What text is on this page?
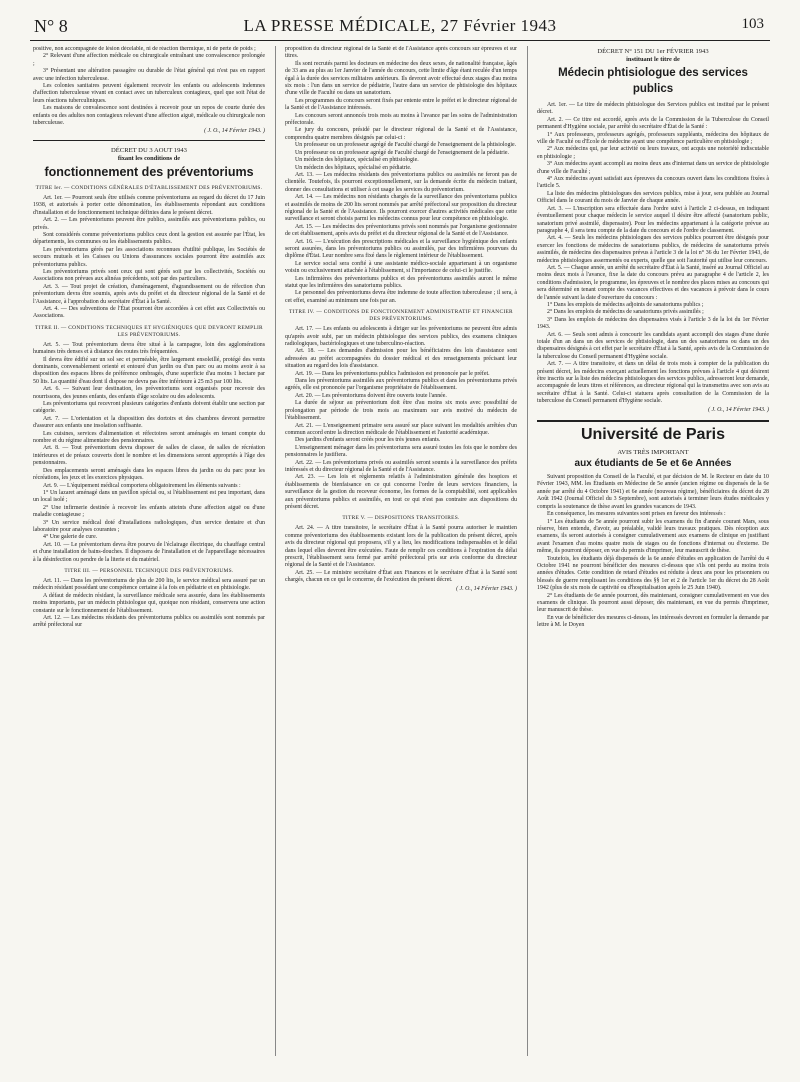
N° 8	LA PRESSE MÉDICALE, 27 Février 1943	103

positive, non accompagnée de lésion décelable, ni de réaction thermique, ni de perte de poids ;

2° Relevant d'une affection médicale ou chirurgicale entraînant une convalescence prolongée ;

3° Présentant une altération passagère ou durable de l'état général qui n'est pas en rapport avec une infection tuberculeuse.

Les colonies sanitaires peuvent également recevoir les enfants ou adolescents indemnes d'affection tuberculeuse vivant en contact avec un tuberculeux contagieux, quel que soit l'état de leurs réactions tuberculiniques.

Les maisons de convalescence sont destinées à recevoir pour un repos de courte durée des enfants ou des adultes non contagieux relevant d'une affection aiguë, médicale ou chirurgicale non tuberculeuse.

( J. O., 14 Février 1943. )

DÉCRET DU 3 AOUT 1943
fixant les conditions de
fonctionnement des préventoriums

TITRE Ier. — CONDITIONS GÉNÉRALES D'ÉTABLISSEMENT DES PRÉVENTORIUMS.

Art. 1er. — Pourront seuls être utilisés comme préventoriums au regard du décret du 17 Juin 1938, et autorisés à porter cette dénomination, les établissements répondant aux conditions d'installation et de fonctionnement technique définies dans le présent décret.

Art. 2. — Les préventoriums peuvent être publics, assimilés aux préventoriums publics, ou privés.

Sont considérés comme préventoriums publics ceux dont la gestion est assurée par l'État, les départements, les communes ou les établissements publics.

Les préventoriums gérés par les associations reconnues d'utilité publique, les Sociétés de secours mutuels et les Caisses ou Unions d'assurances sociales pourront être assimilés aux préventoriums publics.

Les préventoriums privés sont ceux qui sont gérés soit par les collectivités, Sociétés ou Associations non prévues aux alinéas précédents, soit par des particuliers.

Art. 3. — Tout projet de création, d'aménagement, d'agrandissement ou de réfection d'un préventorium devra être soumis, après avis du préfet et du directeur régional de la Santé et de l'Assistance, à l'approbation du secrétaire d'État à la Santé.

Art. 4. — Des subventions de l'État pourront être accordées à cet effet aux Collectivités ou Associations.

TITRE II. — CONDITIONS TECHNIQUES ET HYGIÉNIQUES QUE DEVRONT REMPLIR LES PRÉVENTORIUMS.

Art. 5. — Tout préventorium devra être situé à la campagne, loin des agglomérations humaines très denses et à distance des routes très fréquentées.

Il devra être édifié sur un sol sec et perméable, être largement ensoleillé, protégé des vents dominants, convenablement orienté et entouré d'un jardin ou d'un parc ou au moins avoir à sa disposition des espaces libres de préférence ombragés, d'une superficie d'au moins 1 hectare par 50 lits. La quantité d'eau dont il dispose ne devra pas être inférieure à 25 m3 par 100 lits.

Art. 6. — Suivant leur destination, les préventoriums sont organisés pour recevoir des nourrissons, des jeunes enfants, des enfants d'âge scolaire ou des adolescents.

Les préventoriums qui recevront plusieurs catégories d'enfants doivent établir une section par catégorie.

Art. 7. — L'orientation et la disposition des dortoirs et des chambres devront permettre d'assurer aux enfants une insolation suffisante.

Les cuisines, services d'alimentation et réfectoires seront aménagés en tenant compte du nombre et du régime alimentaire des pensionnaires.

Art. 8. — Tout préventorium devra disposer de salles de classe, de salles de récréation intérieures et de préaux couverts dont le nombre et les dimensions seront appropriés à l'âge des pensionnaires.

Des emplacements seront aménagés dans les espaces libres du jardin ou du parc pour les récréations, les jeux et les exercices physiques.

Art. 9. — L'équipement médical comportera obligatoirement les éléments suivants :

1° Un lazaret aménagé dans un pavillon spécial ou, si l'établissement est peu important, dans un local isolé ;

2° Une infirmerie destinée à recevoir les enfants atteints d'une affection aiguë ou d'une maladie contagieuse ;

3° Un service médical doté d'installations radiologiques, d'un service dentaire et d'un laboratoire pour analyses courantes ;

4° Une galerie de cure.

Art. 10. — Le préventorium devra être pourvu de l'éclairage électrique, du chauffage central et d'une installation de bains-douches. Il disposera de l'installation et de l'appareillage nécessaires à la désinfection ou pendre de la literie et du matériel.

TITRE III. — PERSONNEL TECHNIQUE DES PRÉVENTORIUMS.

Art. 11. — Dans les préventoriums de plus de 200 lits, le service médical sera assuré par un médecin résidant possédant une compétence certaine à la fois en pédiatrie et en phtisiologie.

A défaut de médecin résidant, la surveillance médicale sera assurée, dans les établissements moins importants, par un médecin phtisiologue qui, quoique non résidant, conservera une action constante sur le fonctionnement de l'établissement.

Art. 12. — Les médecins résidants des préventoriums publics ou assimilés sont nommés par arrêté préfectoral sur

proposition du directeur régional de la Santé et de l'Assistance après concours sur épreuves et sur titres.

Ils sont recrutés parmi les docteurs en médecine des deux sexes, de nationalité française, âgés de 33 ans au plus au 1er Janvier de l'année du concours, cette limite d'âge étant reculée d'un temps égal à la durée des services militaires antérieurs. Ils devront avoir effectué deux stages d'au moins six mois : l'un dans un service de pédiatrie, l'autre dans un service de phtisiologie des hôpitaux d'une ville de Faculté ou dans un sanatorium.

Les programmes du concours seront fixés par entente entre le préfet et le directeur régional de la Santé et de l'Assistance intéressés.

Les concours seront annoncés trois mois au moins à l'avance par les soins de l'administration préfectorale.

Le jury du concours, présidé par le directeur régional de la Santé et de l'Assistance, comprendra quatre membres désignés par celui-ci :

Un professeur ou un professeur agrégé de Faculté chargé de l'enseignement de la phtisiologie.

Un professeur ou un professeur agrégé de Faculté chargé de l'enseignement de la pédiatrie.

Un médecin des hôpitaux, spécialisé en phtisiologie.

Un médecin des hôpitaux, spécialisé en pédiatrie.

Art. 13. — Les médecins résidants des préventoriums publics ou assimilés ne feront pas de clientèle. Toutefois, ils pourront exceptionnellement, sur la demande écrite du médecin traitant, donner des consultations et utiliser à cet usage les services du préventorium.

Art. 14. — Les médecins non résidants chargés de la surveillance des préventoriums publics et assimilés de moins de 200 lits seront nommés par arrêté préfectoral sur proposition du directeur régional de la Santé et de l'Assistance. Ils pourront exercer d'autres activités médicales que cette surveillance et seront choisis parmi les médecins connus pour leur compétence en phtisiologie.

Art. 15. — Les médecins des préventoriums privés sont nommés par l'organisme gestionnaire de cet établissement, après avis du préfet et du directeur régional de la Santé et de l'Assistance.

Art. 16. — L'exécution des prescriptions médicales et la surveillance hygiénique des enfants seront assurées, dans les préventoriums publics ou assimilés, par des infirmières pourvues du diplôme d'État. Leur nombre sera fixé dans le règlement intérieur de l'établissement.

Le service social sera confié à une assistante médico-sociale appartenant à un organisme voisin ou exclusivement attachée à l'établissement, si l'importance de celui-ci le justifie.

Les infirmières des préventoriums publics et des préventoriums assimilés auront le même statut que les infirmières des sanatoriums publics.

Le personnel des préventoriums devra être indemne de toute affection tuberculeuse ; il sera, à cet effet, examiné au minimum une fois par an.

TITRE IV. — CONDITIONS DE FONCTIONNEMENT ADMINISTRATIF ET FINANCIER DES PRÉVENTORIUMS.

Art. 17. — Les enfants ou adolescents à diriger sur les préventoriums ne peuvent être admis qu'après avoir subi, par un médecin phtisiologue des services publics, des examens cliniques radiologiques, bactériologiques et une tuberculino-réaction.

Art. 18. — Les demandes d'admission pour les bénéficiaires des lois d'assistance sont adressées au préfet accompagnées du dossier médical et des renseignements précisant leur situation au regard des lois d'assistance.

Art. 19. — Dans les préventoriums publics l'admission est prononcée par le préfet.

Dans les préventoriums assimilés aux préventoriums publics et dans les préventoriums privés agréés, elle est prononcée par l'organisme propriétaire de l'établissement.

Art. 20. — Les préventoriums doivent être ouverts toute l'année.

La durée de séjour au préventorium doit être d'au moins six mois avec possibilité de prolongation par période de trois mois au maximum sur avis motivé du médecin de l'établissement.

Art. 21. — L'enseignement primaire sera assuré sur place suivant les modalités arrêtées d'un commun accord entre la direction médicale de l'établissement et l'autorité académique.

Des jardins d'enfants seront créés pour les très jeunes enfants.

L'enseignement ménager dans les préventoriums sera assuré toutes les fois que le nombre des pensionnaires le justifiera.

Art. 22. — Les préventoriums privés ou assimilés seront soumis à la surveillance des préfets intéressés et du directeur régional de la Santé et de l'Assistance.

Art. 23. — Les lois et règlements relatifs à l'administration générale des hospices et établissements de bienfaisance en ce qui concerne l'ordre de leurs services financiers, la surveillance de la gestion du receveur économe, les formes de la comptabilité, sont applicables aux préventoriums publics et assimilés, en tout ce qui n'est pas contraire aux dispositions du présent décret.

TITRE V. — DISPOSITIONS TRANSITOIRES.

Art. 24. — A titre transitoire, le secrétaire d'État à la Santé pourra autoriser le maintien comme préventoriums des établissements existant lors de la publication du présent décret, après avis du directeur régional qui proposera, s'il y a lieu, les modifications indispensables et le délai dans lequel elles devront être exécutées. Faute de remplir ces conditions à l'expiration du délai prescrit, l'établissement sera fermé par arrêté préfectoral pris sur avis conforme du directeur régional de la Santé et de l'Assistance.

Art. 25. — Le ministre secrétaire d'État aux Finances et le secrétaire d'État à la Santé sont chargés, chacun en ce qui le concerne, de l'exécution du présent décret.

( J. O., 14 Février 1943. )

DÉCRET N° 151 DU 1er FÉVRIER 1943
instituant le titre de
Médecin phtisiologue des services publics

Art. 1er. — Le titre de médecin phtisiologue des Services publics est institué par le présent décret.

Art. 2. — Ce titre est accordé, après avis de la Commission de la Tuberculose du Conseil permanent d'Hygiène sociale, par arrêté du secrétaire d'État de la Santé :

1° Aux professeurs, professeurs agrégés, professeurs suppléants, médecins des hôpitaux de ville de Faculté ou d'École de médecine ayant une compétence particulière en phtisiologie ;

2° Aux médecins qui, par leur activité ou leurs travaux, ont acquis une notoriété indiscutable en phtisiologie ;

3° Aux médecins ayant accompli au moins deux ans d'internat dans un service de phtisiologie d'une ville de Faculté ;

4° Aux médecins ayant satisfait aux épreuves du concours ouvert dans les conditions fixées à l'article 5.

La liste des médecins phtisiologues des services publics, mise à jour, sera publiée au Journal Officiel dans le courant du mois de Janvier de chaque année.

Art. 3. — L'inscription sera effectuée dans l'ordre suivi à l'article 2 ci-dessus, en indiquant éventuellement pour chaque médecin le service auquel il désire être affecté (sanatorium public, sanatorium privé assimilé, dispensaire). Pour les médecins appartenant à la catégorie prévue au paragraphe 4, il sera tenu compte de la date du concours et de l'ordre de classement.

Art. 4. — Seuls les médecins phtisiologues des services publics pourront être désignés pour exercer les fonctions de médecins de sanatoriums publics, de médecins de sanatoriums privés assimilés, de médecins des dispensaires prévus à l'article 3 de la loi n° 36 du 1er Février 1943, de médecins phtisiologues assermentés ou experts, quelle que soit l'autorité qui utilise leur concours.

Art. 5. — Chaque année, un arrêté du secrétaire d'État à la Santé, inséré au Journal Officiel au moins deux mois à l'avance, fixe la date du concours prévu au paragraphe 4 de l'article 2, les conditions d'admission, le programme, les épreuves et le nombre des places mises au concours qui sera déterminé en tenant compte des vacances effectives et des vacances à prévoir dans le cours de l'année suivant la date d'ouverture du concours :

1° Dans les emplois de médecins adjoints de sanatoriums publics ;

2° Dans les emplois de médecins de sanatoriums privés assimilés ;

3° Dans les emplois de médecins des dispensaires visés à l'article 3 de la loi du 1er Février 1943.

Art. 6. — Seuls sont admis à concourir les candidats ayant accompli des stages d'une durée totale d'un an dans un des services de phtisiologie, dans un des sanatoriums ou dans un des dispensaires désignés à cet effet par le secrétaire d'État à la Santé, après avis de la Commission de la tuberculose du Conseil permanent d'Hygiène sociale.

Art. 7. — A titre transitoire, et dans un délai de trois mois à compter de la publication du présent décret, les médecins exerçant actuellement les fonctions prévues à l'article 4 qui désirent être inscrits sur la liste des médecins phtisiologues des services publics, adresseront leur demande, accompagnée de leurs titres et références, au directeur régional qui la transmettra avec son avis au secrétaire d'État à la Santé. Celui-ci statuera après consultation de la Commission de la tuberculose du Conseil permanent d'Hygiène sociale.

( J. O., 14 Février 1943. )

Université de Paris
AVIS TRÈS IMPORTANT
aux étudiants de 5e et 6e Années

Suivant proposition du Conseil de la Faculté, et par décision de M. le Recteur en date du 10 Février 1943, MM. les Étudiants en Médecine de 5e année (ancien régime ou dispensés de la 6e année par arrêté du 4 Octobre 1941) et 6e année (nouveau régime), bénéficiaires du décret du 28 Août 1942 (Journal Officiel du 3 Septembre), sont autorisés à terminer leurs études médicales y compris la soutenance de thèse avant les grandes vacances de 1943.

En conséquence, les mesures suivantes sont prises en faveur des intéressés :

1° Les étudiants de 5e année pourront subir les examens du fin d'année courant Mars, sous réserve, bien entendu, d'avoir, au préalable, validé leurs travaux pratiques. Dès réception aux examens, ils seront autorisés à consigner cumulativement aux examens de clinique en justifiant avant l'examen d'au moins quatre mois de stages ou de fonctions d'internat ou d'externe. De même, ils pourront déposer, en vue du permis d'imprimer, leur manuscrit de thèse.

Toutefois, les étudiants déjà dispensés de la 6e année d'études en application de l'arrêté du 4 Octobre 1941 ne pourront bénéficier des mesures ci-dessus que s'ils ont perdu au moins trois années d'études. Cette condition de retard d'études est réduite à deux ans pour les prisonniers ou blessés de guerre remplissant les conditions des §§ 1er et 2 de l'article 1er du décret du 28 Août 1942 (plus de six mois de captivité ou d'hospitalisation après le 25 Juin 1940).

2° Les étudiants de 6e année pourront, dès maintenant, consigner cumulativement en vue des examens de clinique. Ils pourront aussi déposer, dès maintenant, en vue du permis d'imprimer, leur manuscrit de thèse.

En vue de bénéficier des mesures ci-dessus, les intéressés devront en formuler la demande par lettre à M. le Doyen
